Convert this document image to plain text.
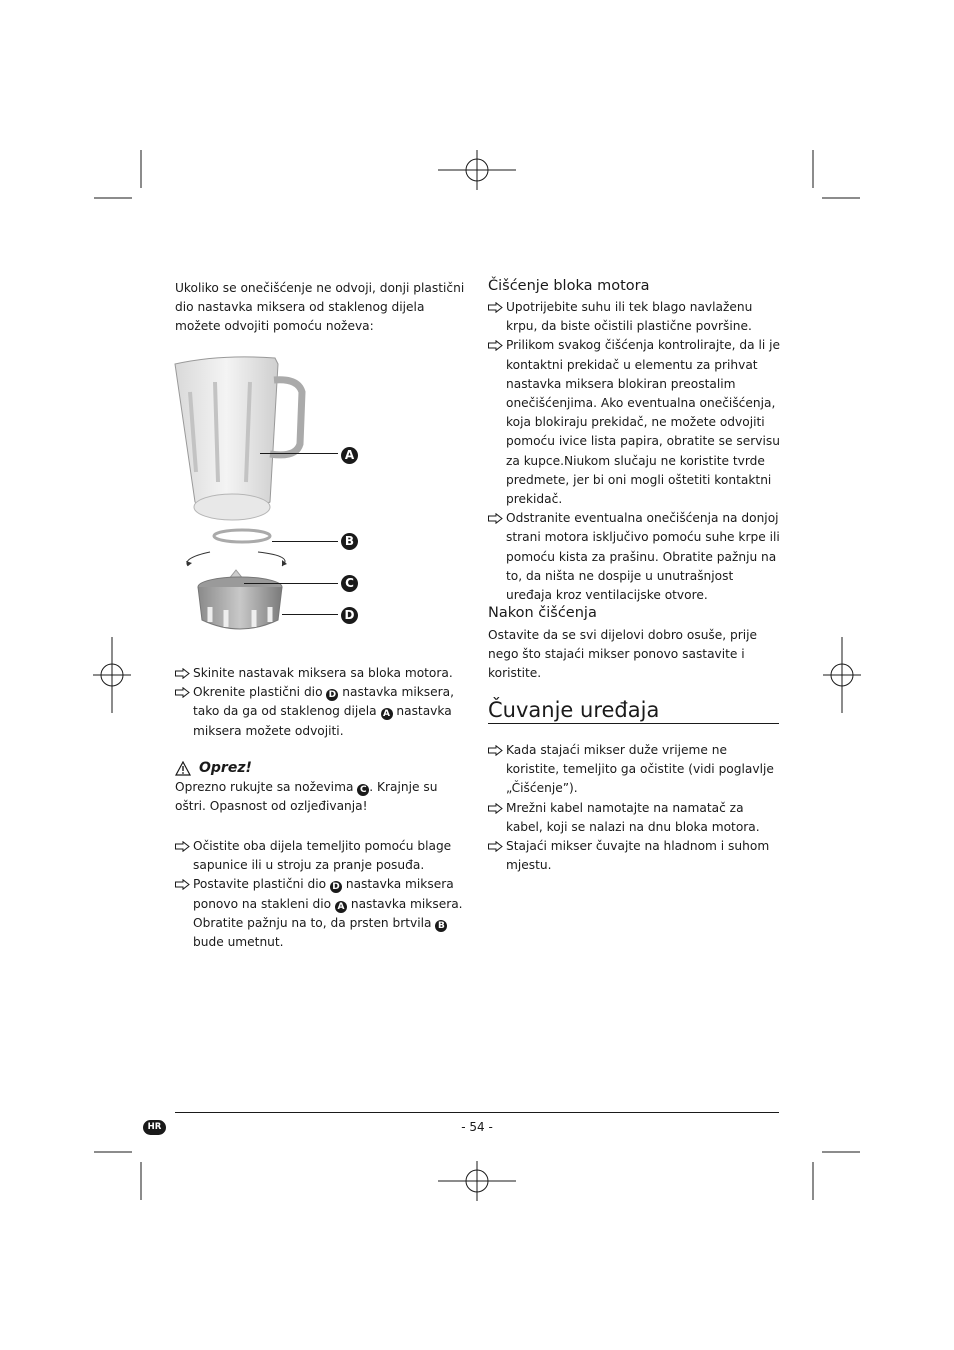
Ukoliko se onečišćenje ne odvoji, donji plastični dio nastavka miksera od staklenog dijela možete odvojiti pomoću noževa:

A
B
C
D

Skinite nastavak miksera sa bloka motora.

Okrenite plastični dio D nastavka miksera, tako da ga od staklenog dijela A nastavka miksera možete odvojiti.

Oprez!

Oprezno rukujte sa noževima C . Krajnje su oštri. Opasnost od ozljeđivanja!

Očistite oba dijela temeljito pomoću blage sapunice ili u stroju za pranje posuđa.

Postavite plastični dio D nastavka miksera ponovo na stakleni dio A nastavka miksera. Obratite pažnju na to, da prsten brtvila B bude umetnut.

Čišćenje bloka motora

Upotrijebite suhu ili tek blago navlaženu krpu, da biste očistili plastične površine.

Prilikom svakog čišćenja kontrolirajte, da li je kontaktni prekidač u elementu za prihvat nastavka miksera blokiran preostalim onečišćenjima. Ako eventualna onečišćenja, koja blokiraju prekidač, ne možete odvojiti pomoću ivice lista papira, obratite se servisu za kupce.Niukom slučaju ne koristite tvrde predmete, jer bi oni mogli oštetiti kontaktni prekidač.

Odstranite eventualna onečišćenja na donjoj strani motora isključivo pomoću suhe krpe ili pomoću kista za prašinu. Obratite pažnju na to, da ništa ne dospije u unutrašnjost uređaja kroz ventilacijske otvore.

Nakon čišćenja

Ostavite da se svi dijelovi dobro osuše, prije nego što stajaći mikser ponovo sastavite i koristite.

Čuvanje uređaja

Kada stajaći mikser duže vrijeme ne koristite, temeljito ga očistite (vidi poglavlje „Čišćenje”).

Mrežni kabel namotajte na namatač za kabel, koji se nalazi na dnu bloka motora.

Stajaći mikser čuvajte na hladnom i suhom mjestu.

HR	- 54 -
